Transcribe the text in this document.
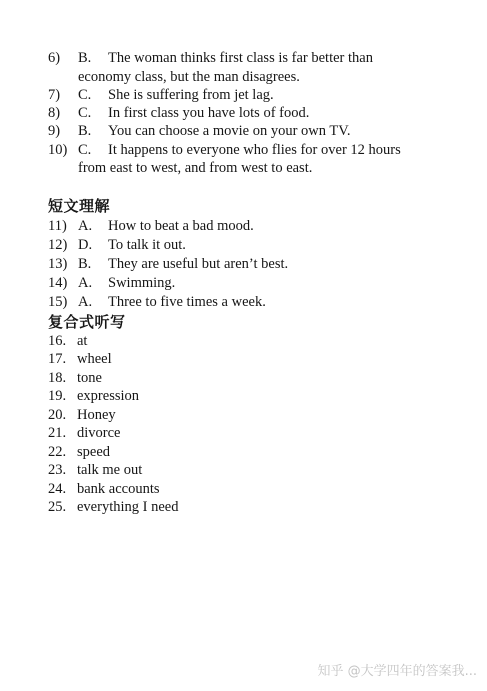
6) B. The woman thinks first class is far better than
economy class, but the man disagrees.
7) C. She is suffering from jet lag.
8) C. In first class you have lots of food.
9) B. You can choose a movie on your own TV.
10) C. It happens to everyone who flies for over 12 hours
from east to west, and from west to east.
短文理解
11) A. How to beat a bad mood.
12) D. To talk it out.
13) B. They are useful but aren’t best.
14) A. Swimming.
15) A. Three to five times a week.
复合式听写
16. at
17. wheel
18. tone
19. expression
20. Honey
21. divorce
22. speed
23. talk me out
24. bank accounts
25. everything I need
知乎 @大学四年的答案我...
